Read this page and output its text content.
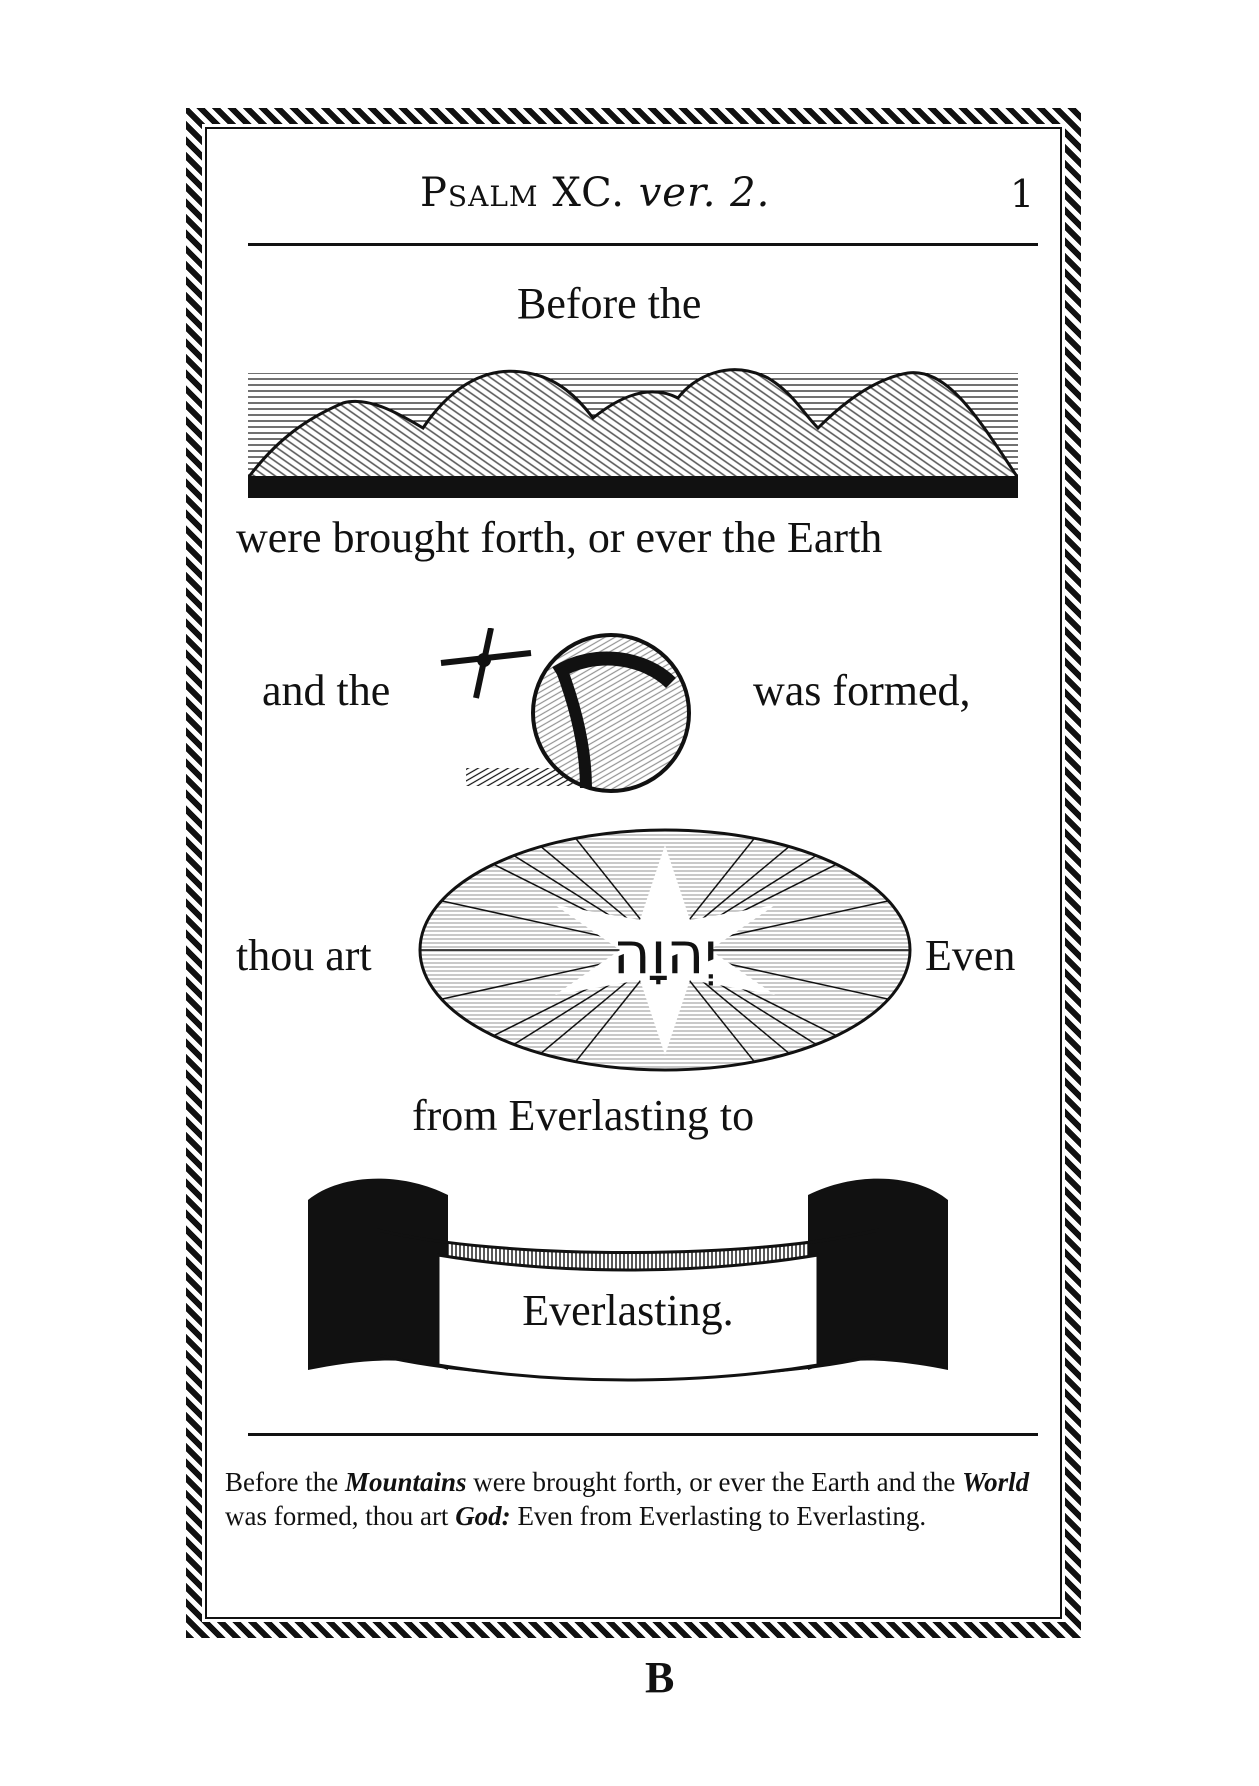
Psalm XC. ver. 2.	1
Before the
were brought forth, or ever the Earth
and the	was formed,
thou art	יְהוָה	Even
from Everlasting to
Everlasting.
Before the Mountains were brought forth, or ever the Earth and the World was formed, thou art God: Even from Everlasting to Everlasting.
B
